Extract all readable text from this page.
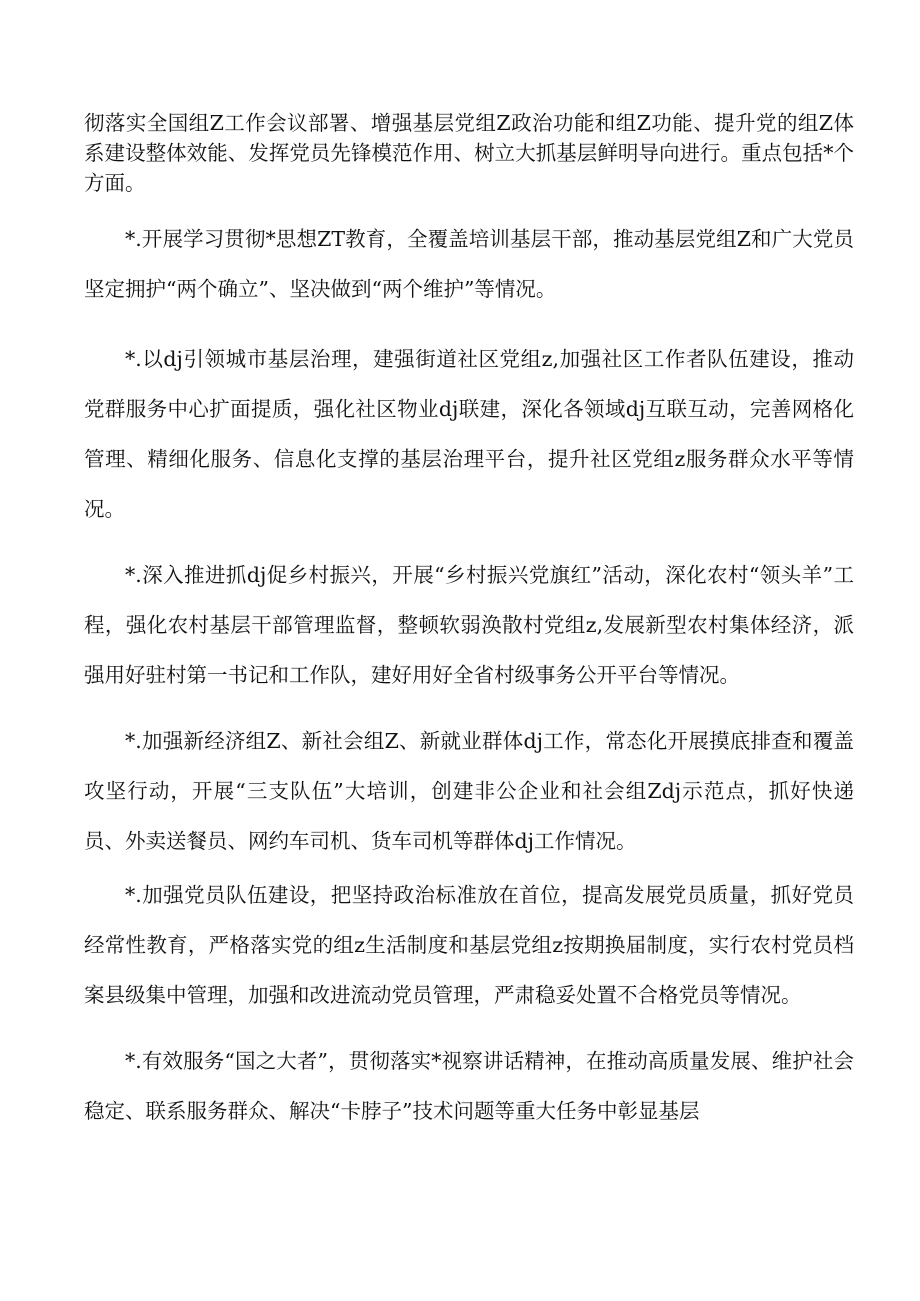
彻落实全国组Z工作会议部署、增强基层党组Z政治功能和组Z功能、提升党的组Z体系建设整体效能、发挥党员先锋模范作用、树立大抓基层鲜明导向进行。重点包括*个方面。

*.开展学习贯彻*思想ZT教育，全覆盖培训基层干部，推动基层党组Z和广大党员坚定拥护“两个确立”、坚决做到“两个维护”等情况。

*.以dj引领城市基层治理，建强街道社区党组z,加强社区工作者队伍建设，推动党群服务中心扩面提质，强化社区物业dj联建，深化各领域dj互联互动，完善网格化管理、精细化服务、信息化支撑的基层治理平台，提升社区党组z服务群众水平等情况。

*.深入推进抓dj促乡村振兴，开展“乡村振兴党旗红”活动，深化农村“领头羊”工程，强化农村基层干部管理监督，整顿软弱涣散村党组z,发展新型农村集体经济，派强用好驻村第一书记和工作队，建好用好全省村级事务公开平台等情况。

*.加强新经济组Z、新社会组Z、新就业群体dj工作，常态化开展摸底排查和覆盖攻坚行动，开展“三支队伍”大培训，创建非公企业和社会组Zdj示范点，抓好快递员、外卖送餐员、网约车司机、货车司机等群体dj工作情况。

*.加强党员队伍建设，把坚持政治标准放在首位，提高发展党员质量，抓好党员经常性教育，严格落实党的组z生活制度和基层党组z按期换届制度，实行农村党员档案县级集中管理，加强和改进流动党员管理，严肃稳妥处置不合格党员等情况。

*.有效服务“国之大者”，贯彻落实*视察讲话精神，在推动高质量发展、维护社会稳定、联系服务群众、解决“卡脖子”技术问题等重大任务中彰显基层
